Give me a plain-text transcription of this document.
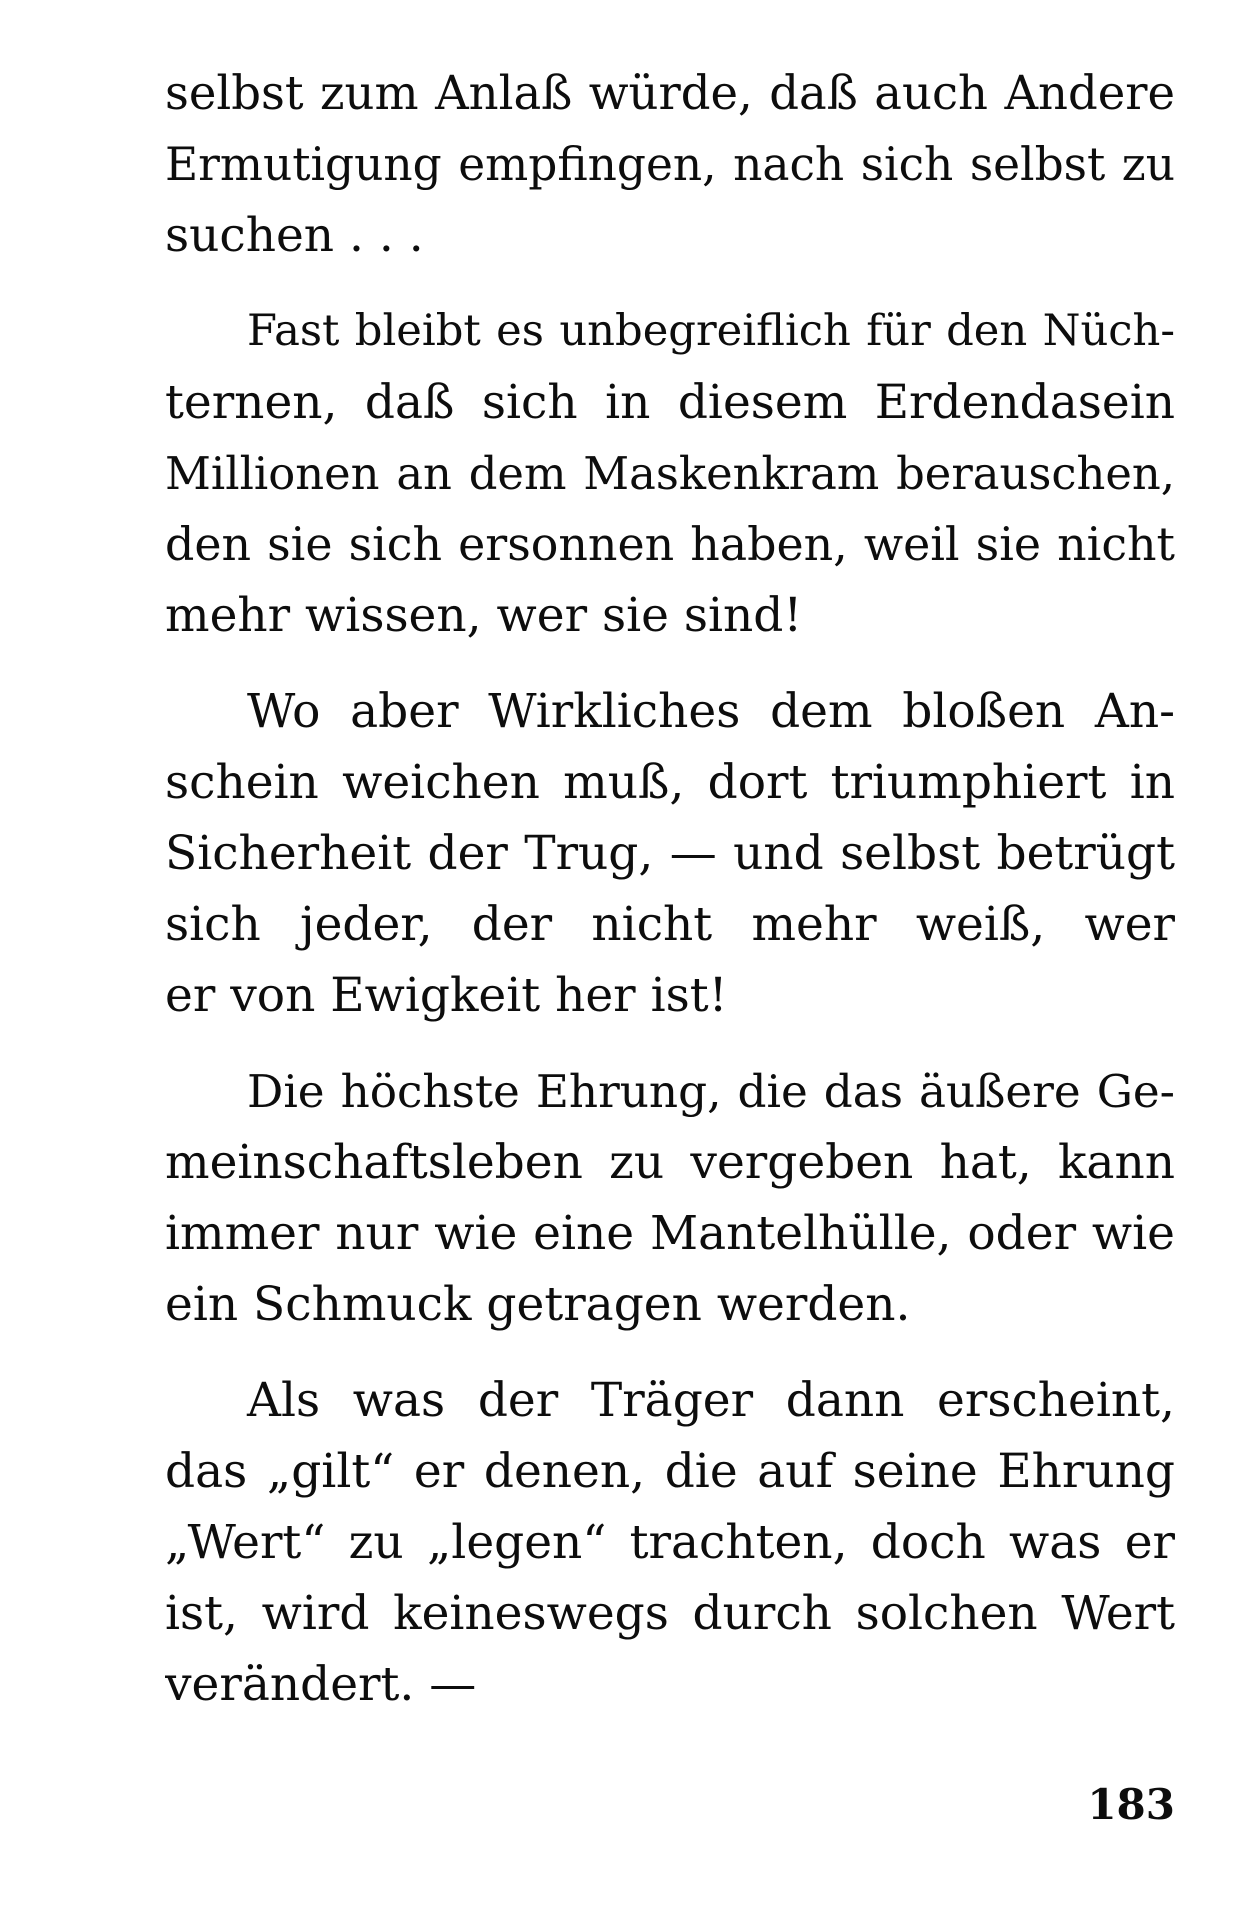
selbst zum Anlaß würde, daß auch Andere
Ermutigung empfingen, nach sich selbst zu
suchen . . .
Fast bleibt es unbegreiflich für den Nüch-
ternen, daß sich in diesem Erdendasein
Millionen an dem Maskenkram berauschen,
den sie sich ersonnen haben, weil sie nicht
mehr wissen, wer sie sind!
Wo aber Wirkliches dem bloßen An-
schein weichen muß, dort triumphiert in
Sicherheit der Trug, — und selbst betrügt
sich jeder, der nicht mehr weiß, wer
er von Ewigkeit her ist!
Die höchste Ehrung, die das äußere Ge-
meinschaftsleben zu vergeben hat, kann
immer nur wie eine Mantelhülle, oder wie
ein Schmuck getragen werden.
Als was der Träger dann erscheint,
das „gilt“ er denen, die auf seine Ehrung
„Wert“ zu „legen“ trachten, doch was er
ist, wird keineswegs durch solchen Wert
verändert. —
183
